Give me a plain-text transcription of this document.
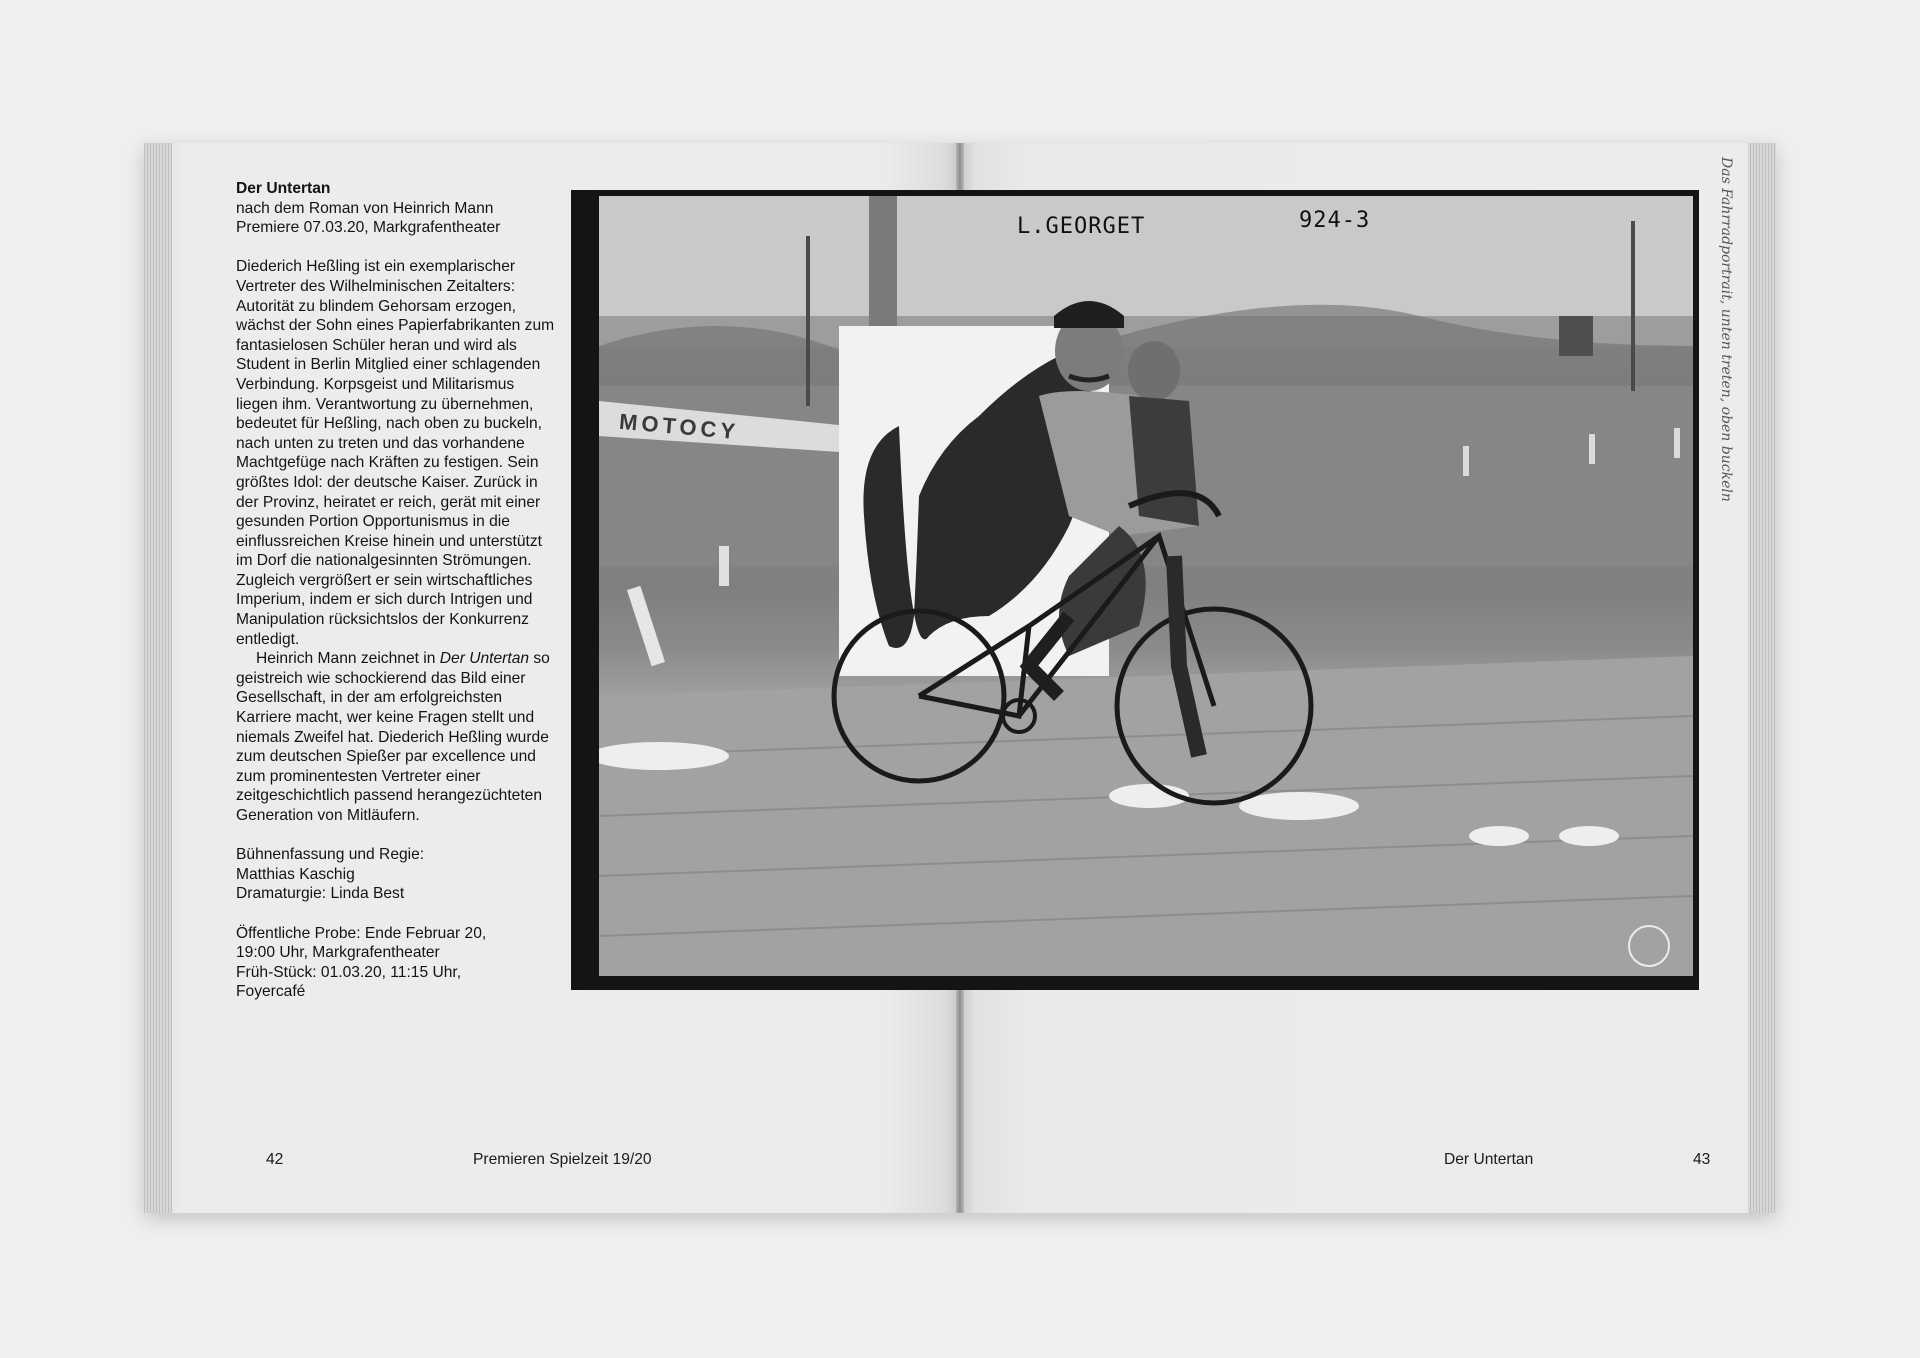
Der Untertan

nach dem Roman von Heinrich Mann

Premiere 07.03.20, Markgrafentheater

Diederich Heßling ist ein exemplarischer Vertreter des Wilhelminischen Zeitalters: Autorität zu blindem Gehorsam erzogen, wächst der Sohn eines Papierfabrikanten zum fantasielosen Schüler heran und wird als Student in Berlin Mitglied einer schlagenden Verbindung. Korpsgeist und Militarismus liegen ihm. Verantwortung zu übernehmen, bedeutet für Heßling, nach oben zu buckeln, nach unten zu treten und das vorhandene Machtgefüge nach Kräften zu festigen. Sein größtes Idol: der deutsche Kaiser. Zurück in der Provinz, heiratet er reich, gerät mit einer gesunden Portion Opportunismus in die einflussreichen Kreise hinein und unterstützt im Dorf die nationalgesinnten Strömungen. Zugleich vergrößert er sein wirtschaftliches Imperium, indem er sich durch Intrigen und Manipulation rücksichtslos der Konkurrenz entledigt.

Heinrich Mann zeichnet in Der Untertan so geistreich wie schockierend das Bild einer Gesellschaft, in der am erfolgreichsten Karriere macht, wer keine Fragen stellt und niemals Zweifel hat. Diederich Heßling wurde zum deutschen Spießer par excellence und zum prominentesten Vertreter einer zeitgeschichtlich passend herangezüchteten Generation von Mitläufern.

Bühnenfassung und Regie:

Matthias Kaschig

Dramaturgie: Linda Best

Öffentliche Probe: Ende Februar 20,

19:00 Uhr, Markgrafentheater

Früh-Stück: 01.03.20, 11:15 Uhr,

Foyercafé

42	Premieren Spielzeit 19/20	Der Untertan	43
L.GEORGET	924-3
MOTOCY	Das Fahrradportrait, unten treten, oben buckeln
